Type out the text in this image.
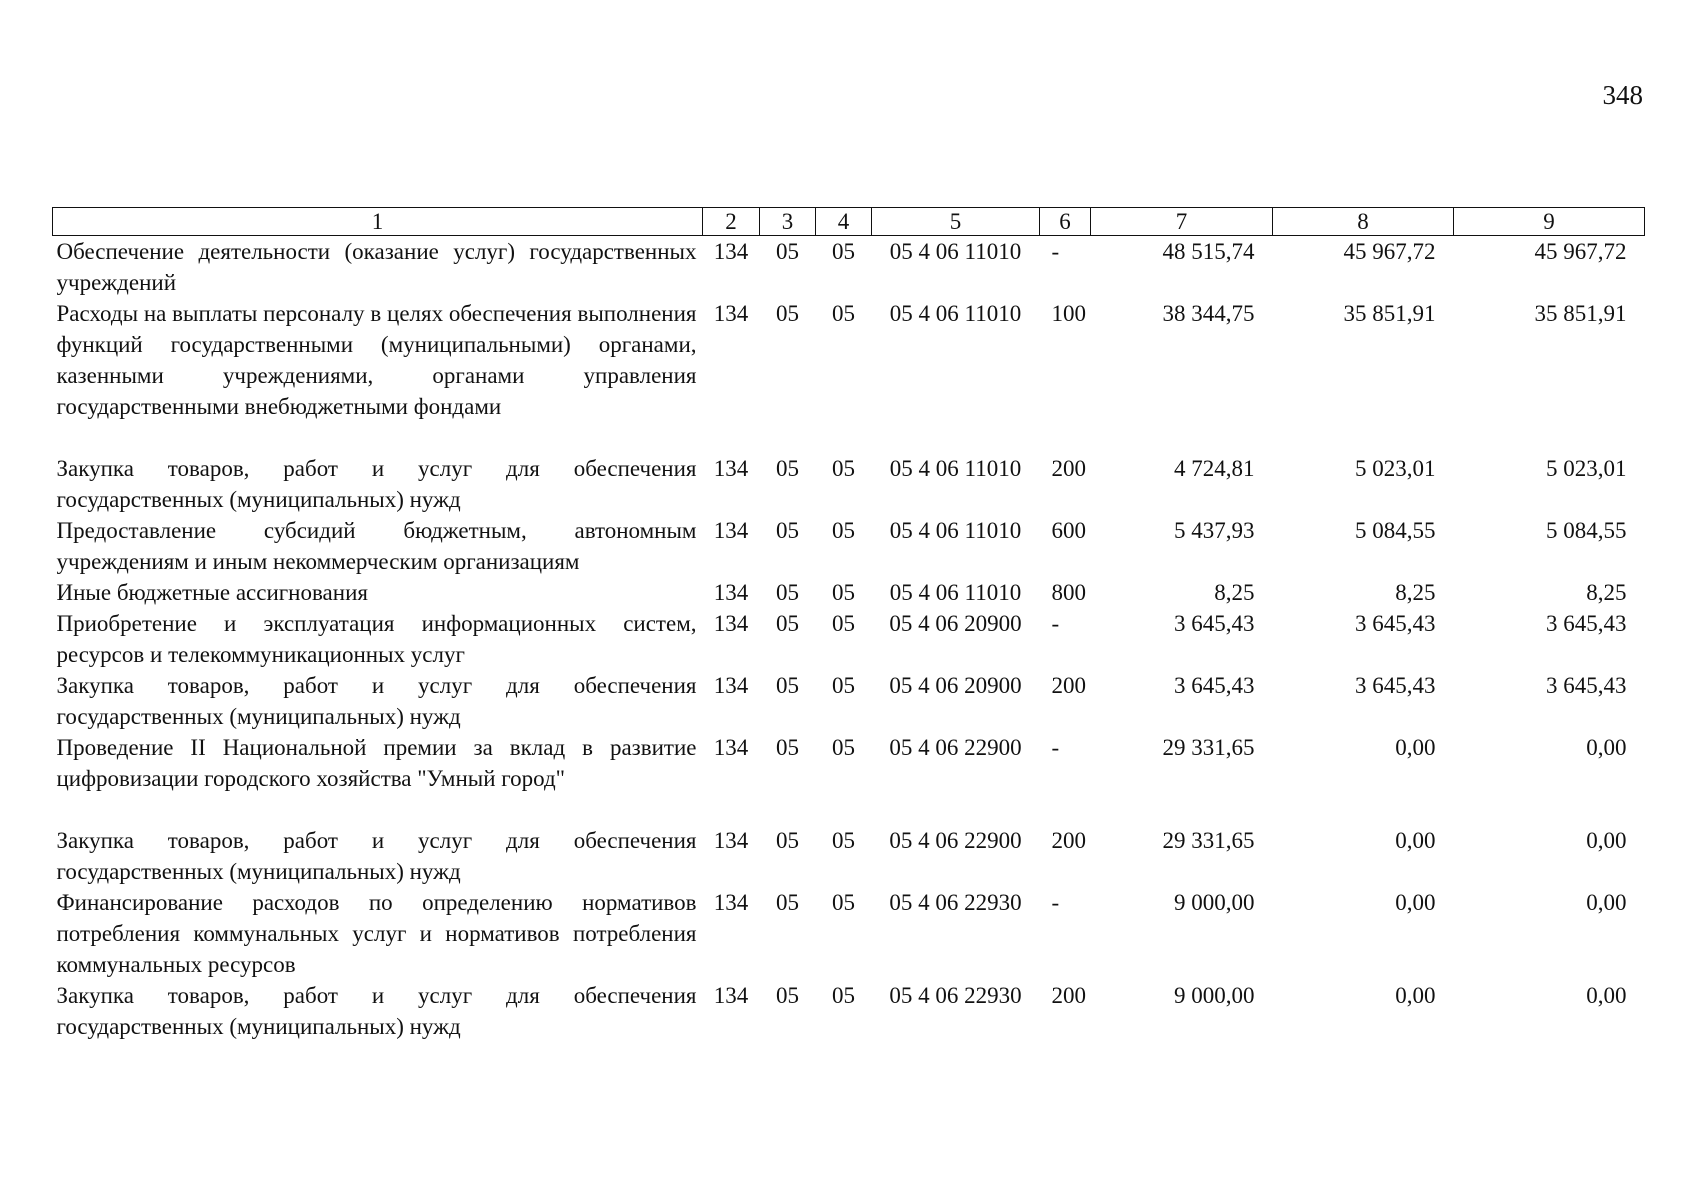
348
1	2	3	4	5	6	7	8	9
Обеспечение деятельности (оказание услуг) государственных учреждений	134	05	05	05 4 06 11010	-	48 515,74	45 967,72	45 967,72
Расходы на выплаты персоналу в целях обеспечения выполнения функций государственными (муниципальными) органами, казенными учреждениями, органами управления государственными внебюджетными фондами	134	05	05	05 4 06 11010	100	38 344,75	35 851,91	35 851,91
Закупка товаров, работ и услуг для обеспечения государственных (муниципальных) нужд	134	05	05	05 4 06 11010	200	4 724,81	5 023,01	5 023,01
Предоставление субсидий бюджетным, автономным учреждениям и иным некоммерческим организациям	134	05	05	05 4 06 11010	600	5 437,93	5 084,55	5 084,55
Иные бюджетные ассигнования	134	05	05	05 4 06 11010	800	8,25	8,25	8,25
Приобретение и эксплуатация информационных систем, ресурсов и телекоммуникационных услуг	134	05	05	05 4 06 20900	-	3 645,43	3 645,43	3 645,43
Закупка товаров, работ и услуг для обеспечения государственных (муниципальных) нужд	134	05	05	05 4 06 20900	200	3 645,43	3 645,43	3 645,43
Проведение II Национальной премии за вклад в развитие цифровизации городского хозяйства "Умный город"	134	05	05	05 4 06 22900	-	29 331,65	0,00	0,00
Закупка товаров, работ и услуг для обеспечения государственных (муниципальных) нужд	134	05	05	05 4 06 22900	200	29 331,65	0,00	0,00
Финансирование расходов по определению нормативов потребления коммунальных услуг и нормативов потребления коммунальных ресурсов	134	05	05	05 4 06 22930	-	9 000,00	0,00	0,00
Закупка товаров, работ и услуг для обеспечения государственных (муниципальных) нужд	134	05	05	05 4 06 22930	200	9 000,00	0,00	0,00
